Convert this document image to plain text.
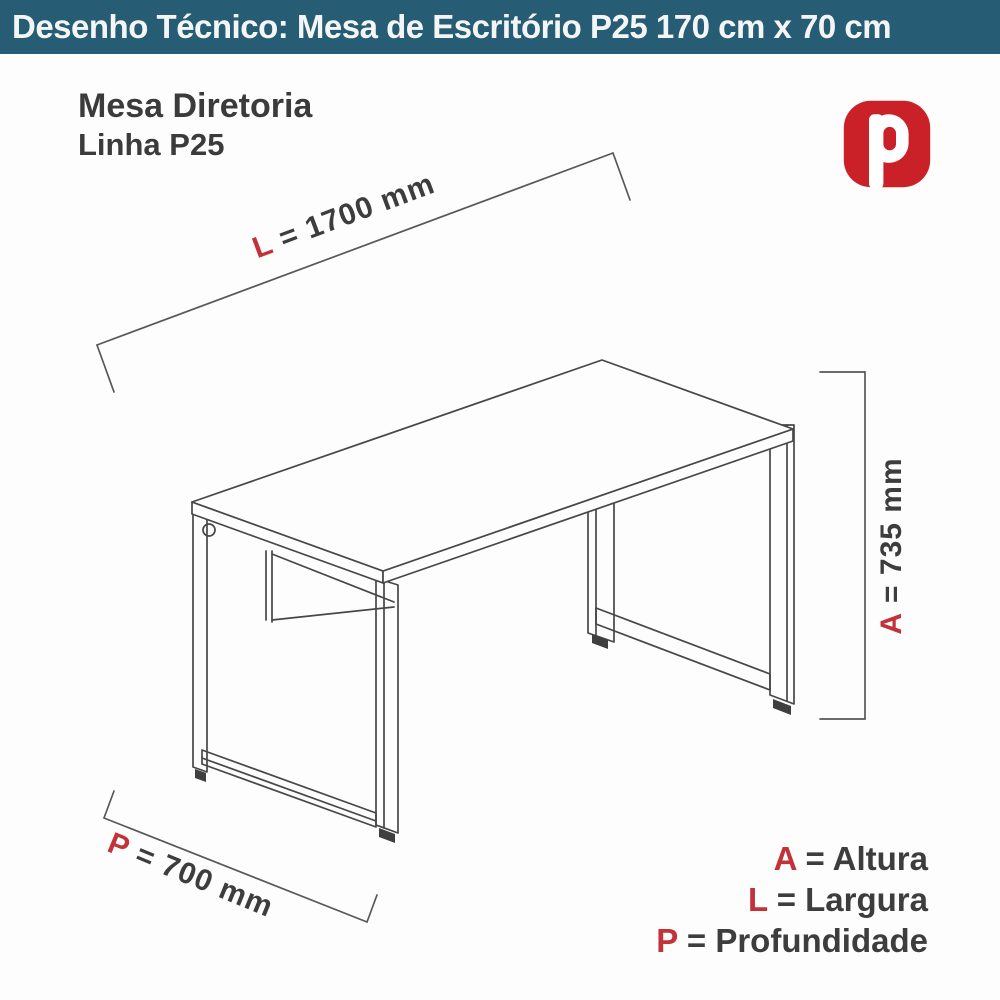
Desenho Técnico: Mesa de Escritório P25 170 cm x 70 cm
Mesa Diretoria
Linha P25
L= 1700 mm
A= 735 mm
P= 700 mm	A = Altura
L = Largura
P = Profundidade
